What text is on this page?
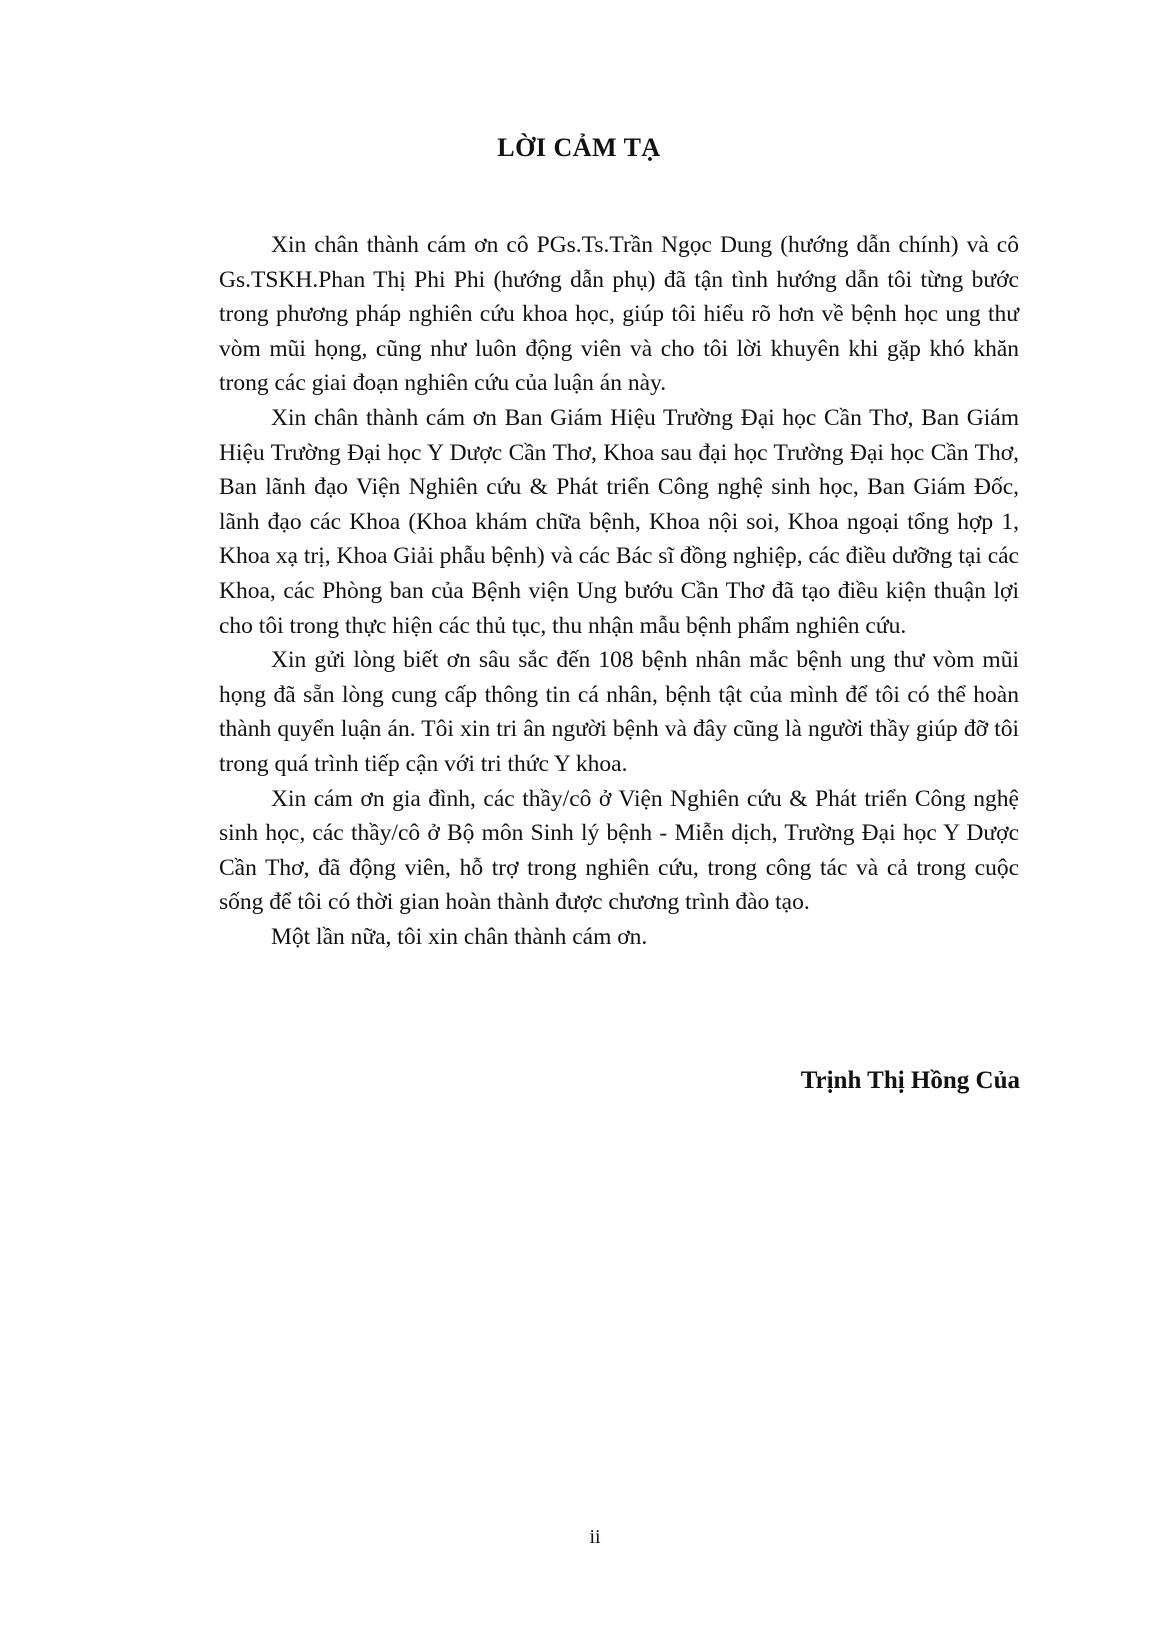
LỜI CẢM TẠ

Xin chân thành cám ơn cô PGs.Ts.Trần Ngọc Dung (hướng dẫn chính) và cô Gs.TSKH.Phan Thị Phi Phi (hướng dẫn phụ) đã tận tình hướng dẫn tôi từng bước trong phương pháp nghiên cứu khoa học, giúp tôi hiểu rõ hơn về bệnh học ung thư vòm mũi họng, cũng như luôn động viên và cho tôi lời khuyên khi gặp khó khăn trong các giai đoạn nghiên cứu của luận án này.

Xin chân thành cám ơn Ban Giám Hiệu Trường Đại học Cần Thơ, Ban Giám Hiệu Trường Đại học Y Dược Cần Thơ, Khoa sau đại học Trường Đại học Cần Thơ, Ban lãnh đạo Viện Nghiên cứu & Phát triển Công nghệ sinh học, Ban Giám Đốc, lãnh đạo các Khoa (Khoa khám chữa bệnh, Khoa nội soi, Khoa ngoại tổng hợp 1, Khoa xạ trị, Khoa Giải phẫu bệnh) và các Bác sĩ đồng nghiệp, các điều dưỡng tại các Khoa, các Phòng ban của Bệnh viện Ung bướu Cần Thơ đã tạo điều kiện thuận lợi cho tôi trong thực hiện các thủ tục, thu nhận mẫu bệnh phẩm nghiên cứu.

Xin gửi lòng biết ơn sâu sắc đến 108 bệnh nhân mắc bệnh ung thư vòm mũi họng đã sẵn lòng cung cấp thông tin cá nhân, bệnh tật của mình để tôi có thể hoàn thành quyển luận án. Tôi xin tri ân người bệnh và đây cũng là người thầy giúp đỡ tôi trong quá trình tiếp cận với tri thức Y khoa.

Xin cám ơn gia đình, các thầy/cô ở Viện Nghiên cứu & Phát triển Công nghệ sinh học, các thầy/cô ở Bộ môn Sinh lý bệnh - Miễn dịch, Trường Đại học Y Dược Cần Thơ, đã động viên, hỗ trợ trong nghiên cứu, trong công tác và cả trong cuộc sống để tôi có thời gian hoàn thành được chương trình đào tạo.

Một lần nữa, tôi xin chân thành cám ơn.

Trịnh Thị Hồng Của
ii
